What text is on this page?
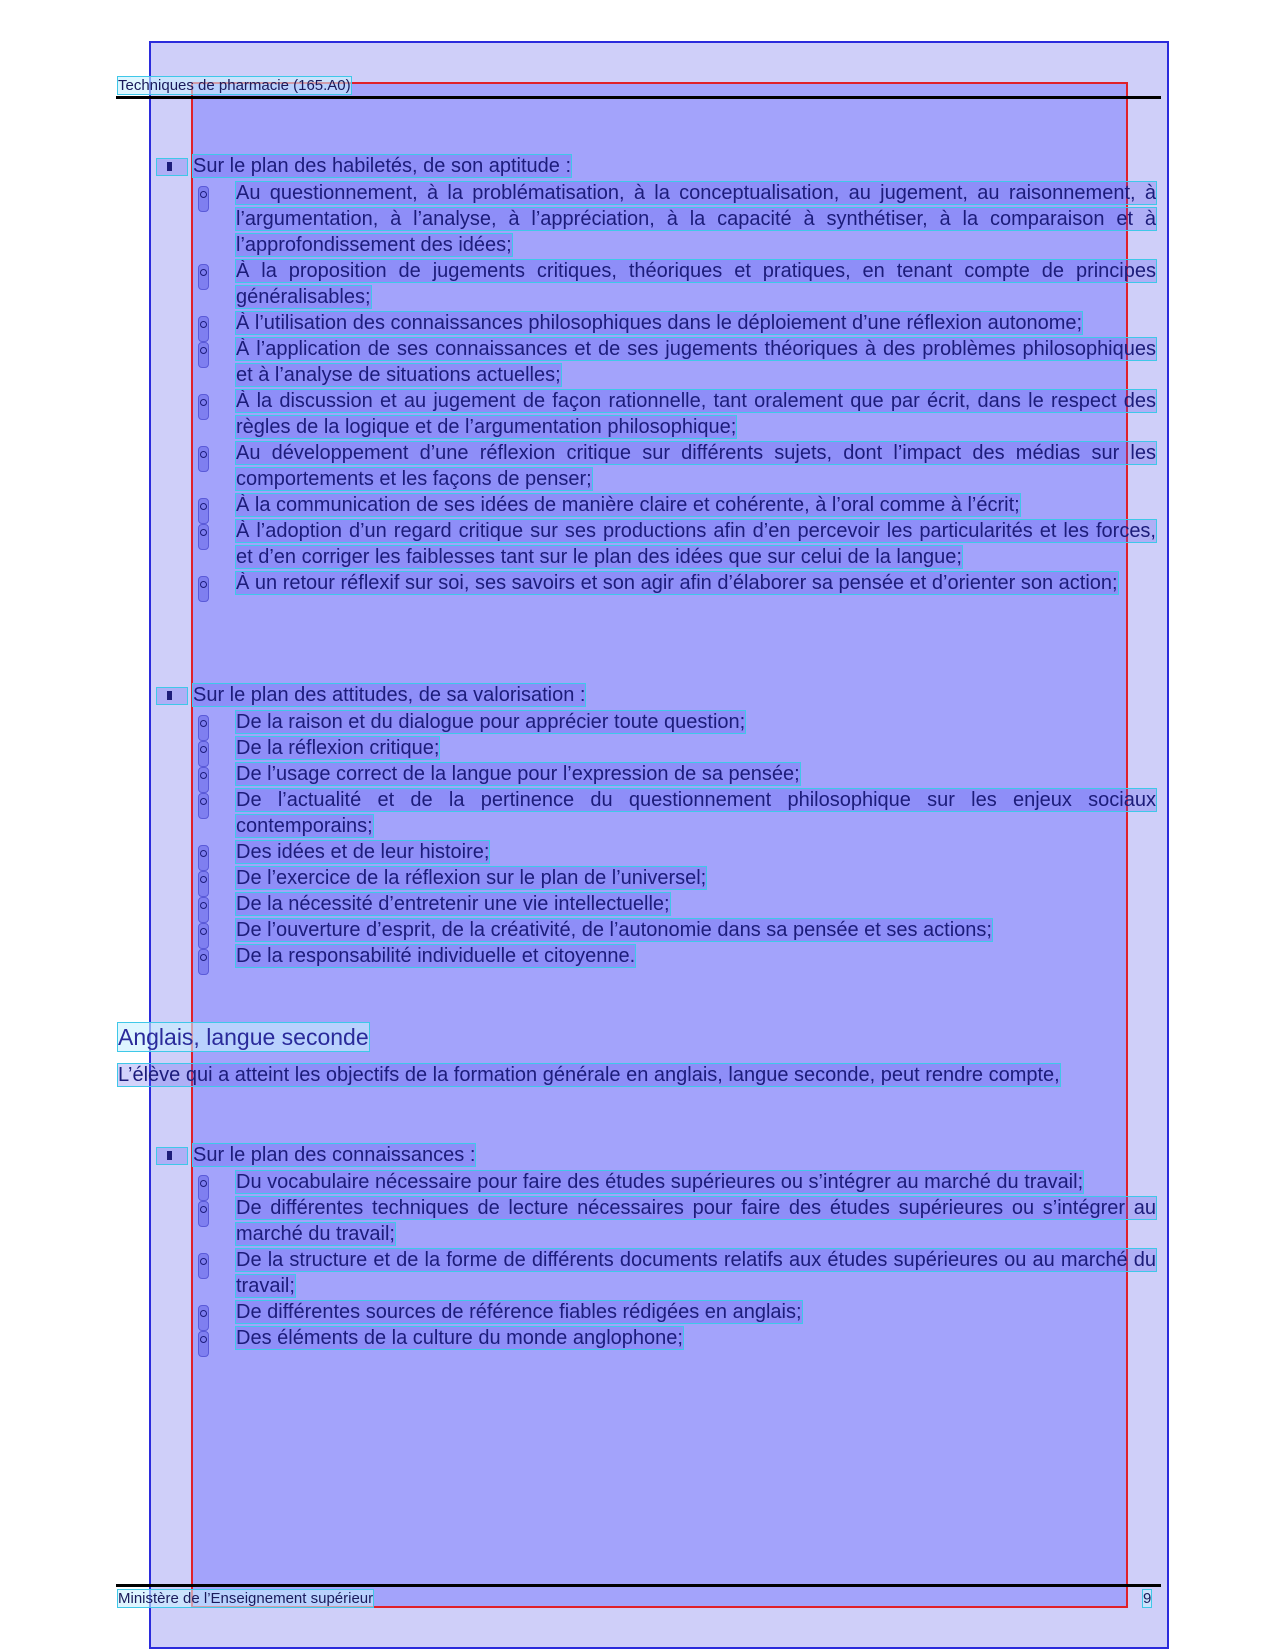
Techniques de pharmacie (165.A0)
Sur le plan des habiletés, de son aptitude :
Au questionnement, à la problématisation, à la conceptualisation, au jugement, au raisonnement, à l’argumentation, à l’analyse, à l’appréciation, à la capacité à synthétiser, à la comparaison et à l’approfondissement des idées;
À la proposition de jugements critiques, théoriques et pratiques, en tenant compte de principes généralisables;
À l’utilisation des connaissances philosophiques dans le déploiement d’une réflexion autonome;
À l’application de ses connaissances et de ses jugements théoriques à des problèmes philosophiques et à l’analyse de situations actuelles;
À la discussion et au jugement de façon rationnelle, tant oralement que par écrit, dans le respect des règles de la logique et de l’argumentation philosophique;
Au développement d’une réflexion critique sur différents sujets, dont l’impact des médias sur les comportements et les façons de penser;
À la communication de ses idées de manière claire et cohérente, à l’oral comme à l’écrit;
À l’adoption d’un regard critique sur ses productions afin d’en percevoir les particularités et les forces, et d’en corriger les faiblesses tant sur le plan des idées que sur celui de la langue;
À un retour réflexif sur soi, ses savoirs et son agir afin d’élaborer sa pensée et d’orienter son action;
Sur le plan des attitudes, de sa valorisation :
De la raison et du dialogue pour apprécier toute question;
De la réflexion critique;
De l’usage correct de la langue pour l’expression de sa pensée;
De l’actualité et de la pertinence du questionnement philosophique sur les enjeux sociaux contemporains;
Des idées et de leur histoire;
De l’exercice de la réflexion sur le plan de l’universel;
De la nécessité d’entretenir une vie intellectuelle;
De l’ouverture d’esprit, de la créativité, de l’autonomie dans sa pensée et ses actions;
De la responsabilité individuelle et citoyenne.
Anglais, langue seconde
L’élève qui a atteint les objectifs de la formation générale en anglais, langue seconde, peut rendre compte,
Sur le plan des connaissances :
Du vocabulaire nécessaire pour faire des études supérieures ou s’intégrer au marché du travail;
De différentes techniques de lecture nécessaires pour faire des études supérieures ou s’intégrer au marché du travail;
De la structure et de la forme de différents documents relatifs aux études supérieures ou au marché du travail;
De différentes sources de référence fiables rédigées en anglais;
Des éléments de la culture du monde anglophone;
Ministère de l’Enseignement supérieur	9
